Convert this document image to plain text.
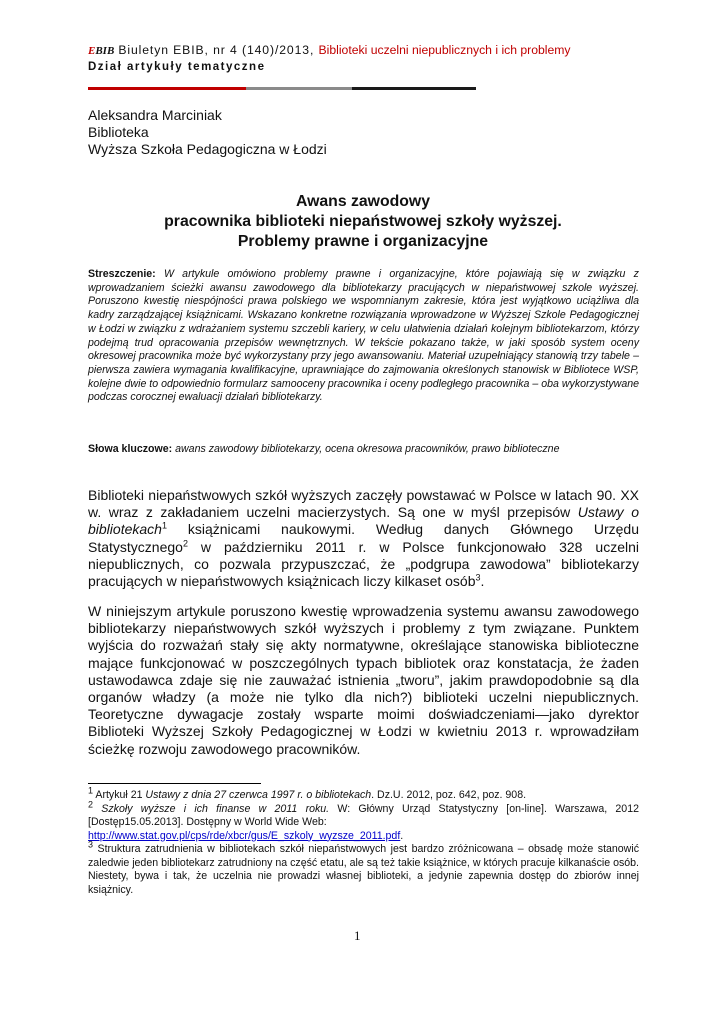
EBIB Biuletyn EBIB, nr 4 (140)/2013, Biblioteki uczelni niepublicznych i ich problemy
Dział artykuły tematyczne
Aleksandra Marciniak
Biblioteka
Wyższa Szkoła Pedagogiczna w Łodzi
Awans zawodowy
pracownika biblioteki niepaństwowej szkoły wyższej.
Problemy prawne i organizacyjne
Streszczenie: W artykule omówiono problemy prawne i organizacyjne, które pojawiają się w związku z wprowadzaniem ścieżki awansu zawodowego dla bibliotekarzy pracujących w niepaństwowej szkole wyższej. Poruszono kwestię niespójności prawa polskiego we wspomnianym zakresie, która jest wyjątkowo uciążliwa dla kadry zarządzającej książnicami. Wskazano konkretne rozwiązania wprowadzone w Wyższej Szkole Pedagogicznej w Łodzi w związku z wdrażaniem systemu szczebli kariery, w celu ułatwienia działań kolejnym bibliotekarzom, którzy podejmą trud opracowania przepisów wewnętrznych. W tekście pokazano także, w jaki sposób system oceny okresowej pracownika może być wykorzystany przy jego awansowaniu. Materiał uzupełniający stanowią trzy tabele – pierwsza zawiera wymagania kwalifikacyjne, uprawniające do zajmowania określonych stanowisk w Bibliotece WSP, kolejne dwie to odpowiednio formularz samooceny pracownika i oceny podległego pracownika – oba wykorzystywane podczas corocznej ewaluacji działań bibliotekarzy.
Słowa kluczowe: awans zawodowy bibliotekarzy, ocena okresowa pracowników, prawo biblioteczne
Biblioteki niepaństwowych szkół wyższych zaczęły powstawać w Polsce w latach 90. XX w. wraz z zakładaniem uczelni macierzystych. Są one w myśl przepisów Ustawy o bibliotekach$^1$ książnicami naukowymi. Według danych Głównego Urzędu Statystycznego$^2$ w październiku 2011 r. w Polsce funkcjonowało 328 uczelni niepublicznych, co pozwala przypuszczać, że „podgrupa zawodowa” bibliotekarzy pracujących w niepaństwowych książnicach liczy kilkaset osób$^3$.
W niniejszym artykule poruszono kwestię wprowadzenia systemu awansu zawodowego bibliotekarzy niepaństwowych szkół wyższych i problemy z tym związane. Punktem wyjścia do rozważań stały się akty normatywne, określające stanowiska biblioteczne mające funkcjonować w poszczególnych typach bibliotek oraz konstatacja, że żaden ustawodawca zdaje się nie zauważać istnienia „tworu”, jakim prawdopodobnie są dla organów władzy (a może nie tylko dla nich?) biblioteki uczelni niepublicznych. Teoretyczne dywagacje zostały wsparte moimi doświadczeniami—jako dyrektor Biblioteki Wyższej Szkoły Pedagogicznej w Łodzi w kwietniu 2013 r. wprowadziłam ścieżkę rozwoju zawodowego pracowników.

$^1$ Artykuł 21 Ustawy z dnia 27 czerwca 1997 r. o bibliotekach. Dz.U. 2012, poz. 642, poz. 908.

$^2$ Szkoły wyższe i ich finanse w 2011 roku. W: Główny Urząd Statystyczny [on-line]. Warszawa, 2012 [Dostęp15.05.2013]. Dostępny w World Wide Web:
http://www.stat.gov.pl/cps/rde/xbcr/gus/E_szkoly_wyzsze_2011.pdf.

$^3$ Struktura zatrudnienia w bibliotekach szkół niepaństwowych jest bardzo zróżnicowana – obsadę może stanowić zaledwie jeden bibliotekarz zatrudniony na część etatu, ale są też takie książnice, w których pracuje kilkanaście osób. Niestety, bywa i tak, że uczelnia nie prowadzi własnej biblioteki, a jedynie zapewnia dostęp do zbiorów innej książnicy.

1
